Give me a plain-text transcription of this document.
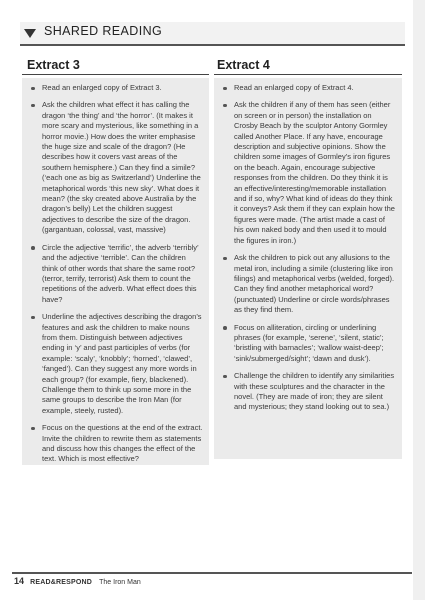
SHARED READING
Extract 3
Read an enlarged copy of Extract 3.
Ask the children what effect it has calling the dragon ‘the thing’ and ‘the horror’. (It makes it more scary and mysterious, like something in a horror movie.) How does the writer emphasise the huge size and scale of the dragon? (He describes how it covers vast areas of the southern hemisphere.) Can they find a simile? (‘each one as big as Switzerland’) Underline the metaphorical words ‘this new sky’. What does it mean? (the sky created above Australia by the dragon’s belly) Let the children suggest adjectives to describe the size of the dragon. (gargantuan, colossal, vast, massive)
Circle the adjective ‘terrific’, the adverb ‘terribly’ and the adjective ‘terrible’. Can the children think of other words that share the same root? (terror, terrify, terrorist) Ask them to count the repetitions of the adverb. What effect does this have?
Underline the adjectives describing the dragon’s features and ask the children to make nouns from them. Distinguish between adjectives ending in ‘y’ and past participles of verbs (for example: ‘scaly’, ‘knobbly’; ‘horned’, ‘clawed’, ‘fanged’). Can they suggest any more words in each group? (for example, fiery, blackened). Challenge them to think up some more in the same groups to describe the Iron Man (for example, steely, rusted).
Focus on the questions at the end of the extract. Invite the children to rewrite them as statements and discuss how this changes the effect of the text. Which is most effective?
Extract 4
Read an enlarged copy of Extract 4.
Ask the children if any of them has seen (either on screen or in person) the installation on Crosby Beach by the sculptor Antony Gormley called Another Place. If any have, encourage description and subjective opinions. Show the children some images of Gormley’s iron figures on the beach. Again, encourage subjective responses from the children. Do they think it is an effective/interesting/memorable installation and if so, why? What kind of ideas do they think it conveys? Ask them if they can explain how the figures were made. (The artist made a cast of his own naked body and then used it to mould the figures in iron.)
Ask the children to pick out any allusions to the metal iron, including a simile (clustering like iron filings) and metaphorical verbs (welded, forged). Can they find another metaphorical word? (punctuated) Underline or circle words/phrases as they find them.
Focus on alliteration, circling or underlining phrases (for example, ‘serene’, ‘silent, static’; ‘bristling with barnacles’; ‘wallow waist-deep’; ‘sink/submerged/sight’; ‘dawn and dusk’).
Challenge the children to identify any similarities with these sculptures and the character in the novel. (They are made of iron; they are silent and mysterious; they stand looking out to sea.)
14 READ&RESPOND The Iron Man
